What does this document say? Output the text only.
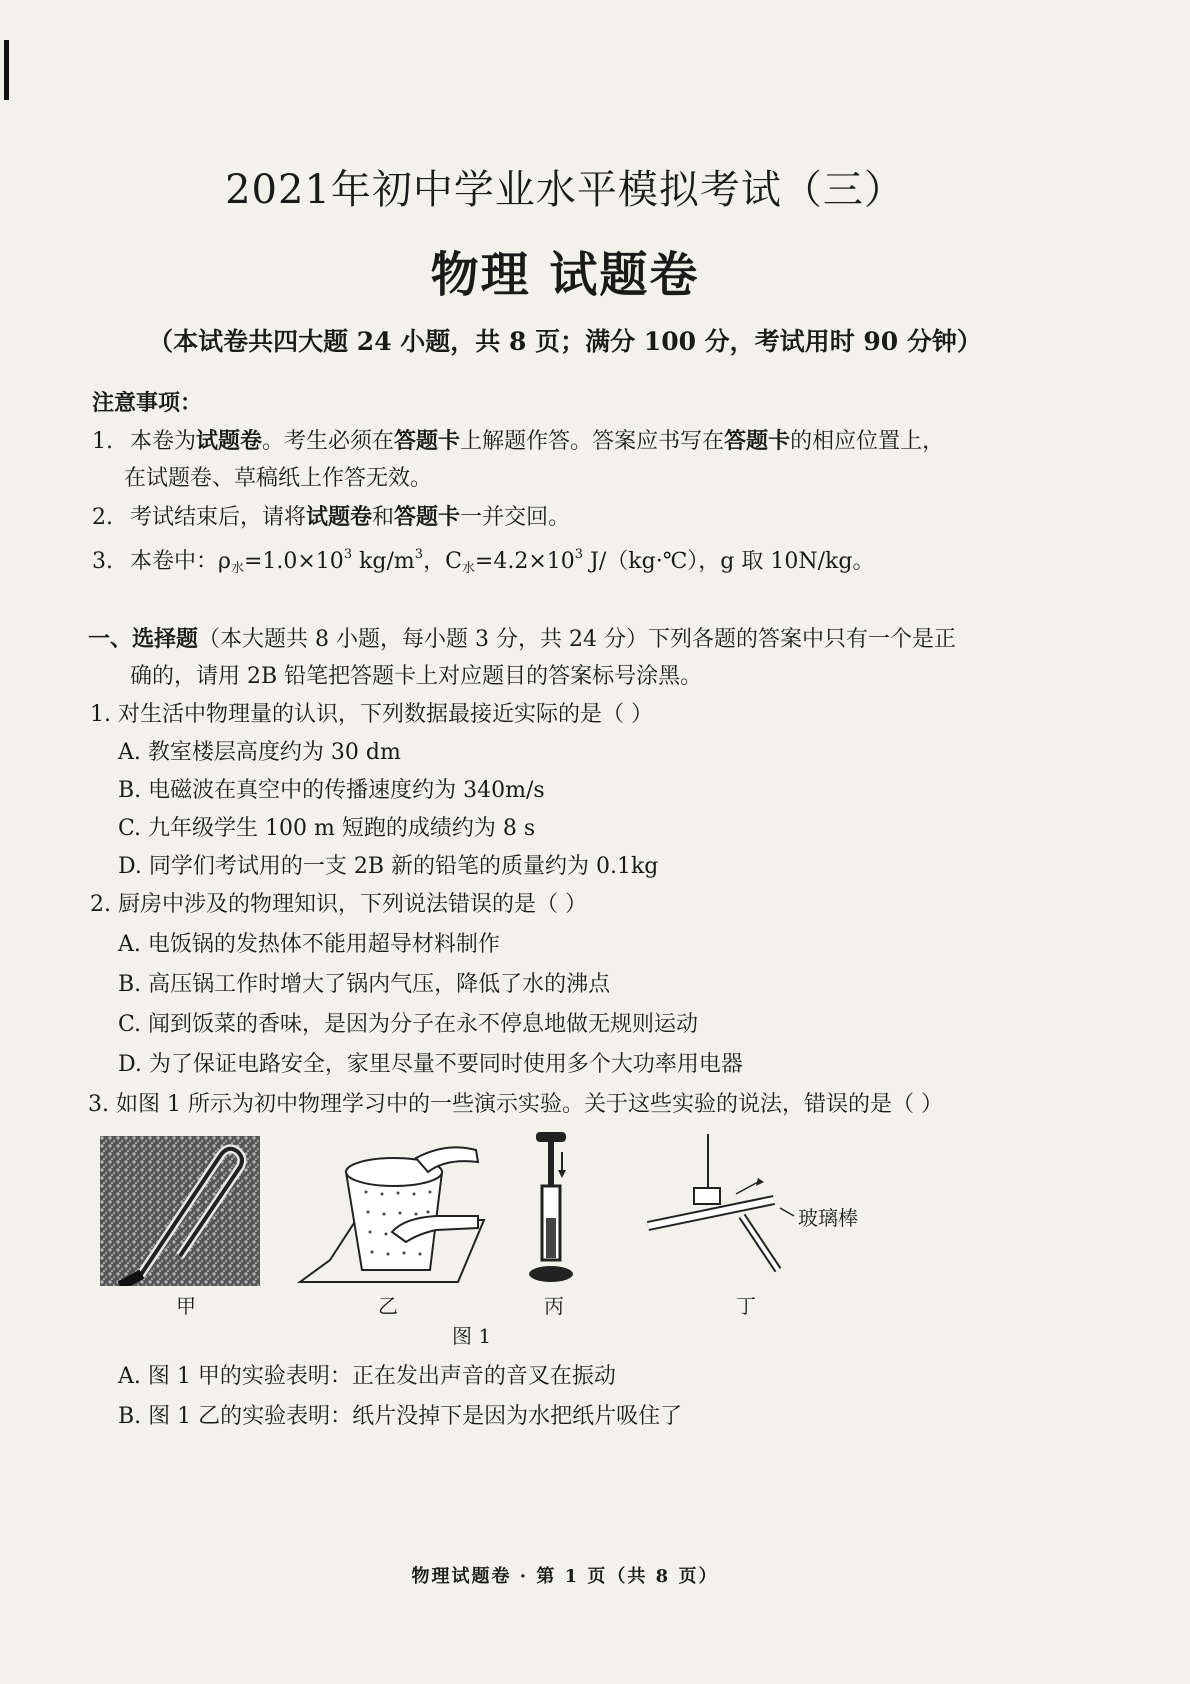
2021年初中学业水平模拟考试（三）
物理 试题卷
（本试卷共四大题 24 小题，共 8 页；满分 100 分，考试用时 90 分钟）
注意事项：
1. 本卷为试题卷。考生必须在答题卡上解题作答。答案应书写在答题卡的相应位置上，
在试题卷、草稿纸上作答无效。
2. 考试结束后，请将试题卷和答题卡一并交回。
3. 本卷中：$\rho_水=1.0\times 10^3$ $kg/m^3$，$C_水=4.2\times 10^3$ J/（kg·℃），g 取 10N/kg。
一、选择题（本大题共 8 小题，每小题 3 分，共 24 分）下列各题的答案中只有一个是正
确的，请用 2B 铅笔把答题卡上对应题目的答案标号涂黑。
1. 对生活中物理量的认识，下列数据最接近实际的是（ ）
A. 教室楼层高度约为 30 dm
B. 电磁波在真空中的传播速度约为 340m/s
C. 九年级学生 100 m 短跑的成绩约为 8 s
D. 同学们考试用的一支 2B 新的铅笔的质量约为 0.1kg
2. 厨房中涉及的物理知识，下列说法错误的是（ ）
A. 电饭锅的发热体不能用超导材料制作
B. 高压锅工作时增大了锅内气压，降低了水的沸点
C. 闻到饭菜的香味，是因为分子在永不停息地做无规则运动
D. 为了保证电路安全，家里尽量不要同时使用多个大功率用电器
3. 如图 1 所示为初中物理学习中的一些演示实验。关于这些实验的说法，错误的是（ ）
玻璃棒
甲	乙	丙	丁
图 1
A. 图 1 甲的实验表明：正在发出声音的音叉在振动
B. 图 1 乙的实验表明：纸片没掉下是因为水把纸片吸住了
物理试题卷 · 第 1 页（共 8 页）
